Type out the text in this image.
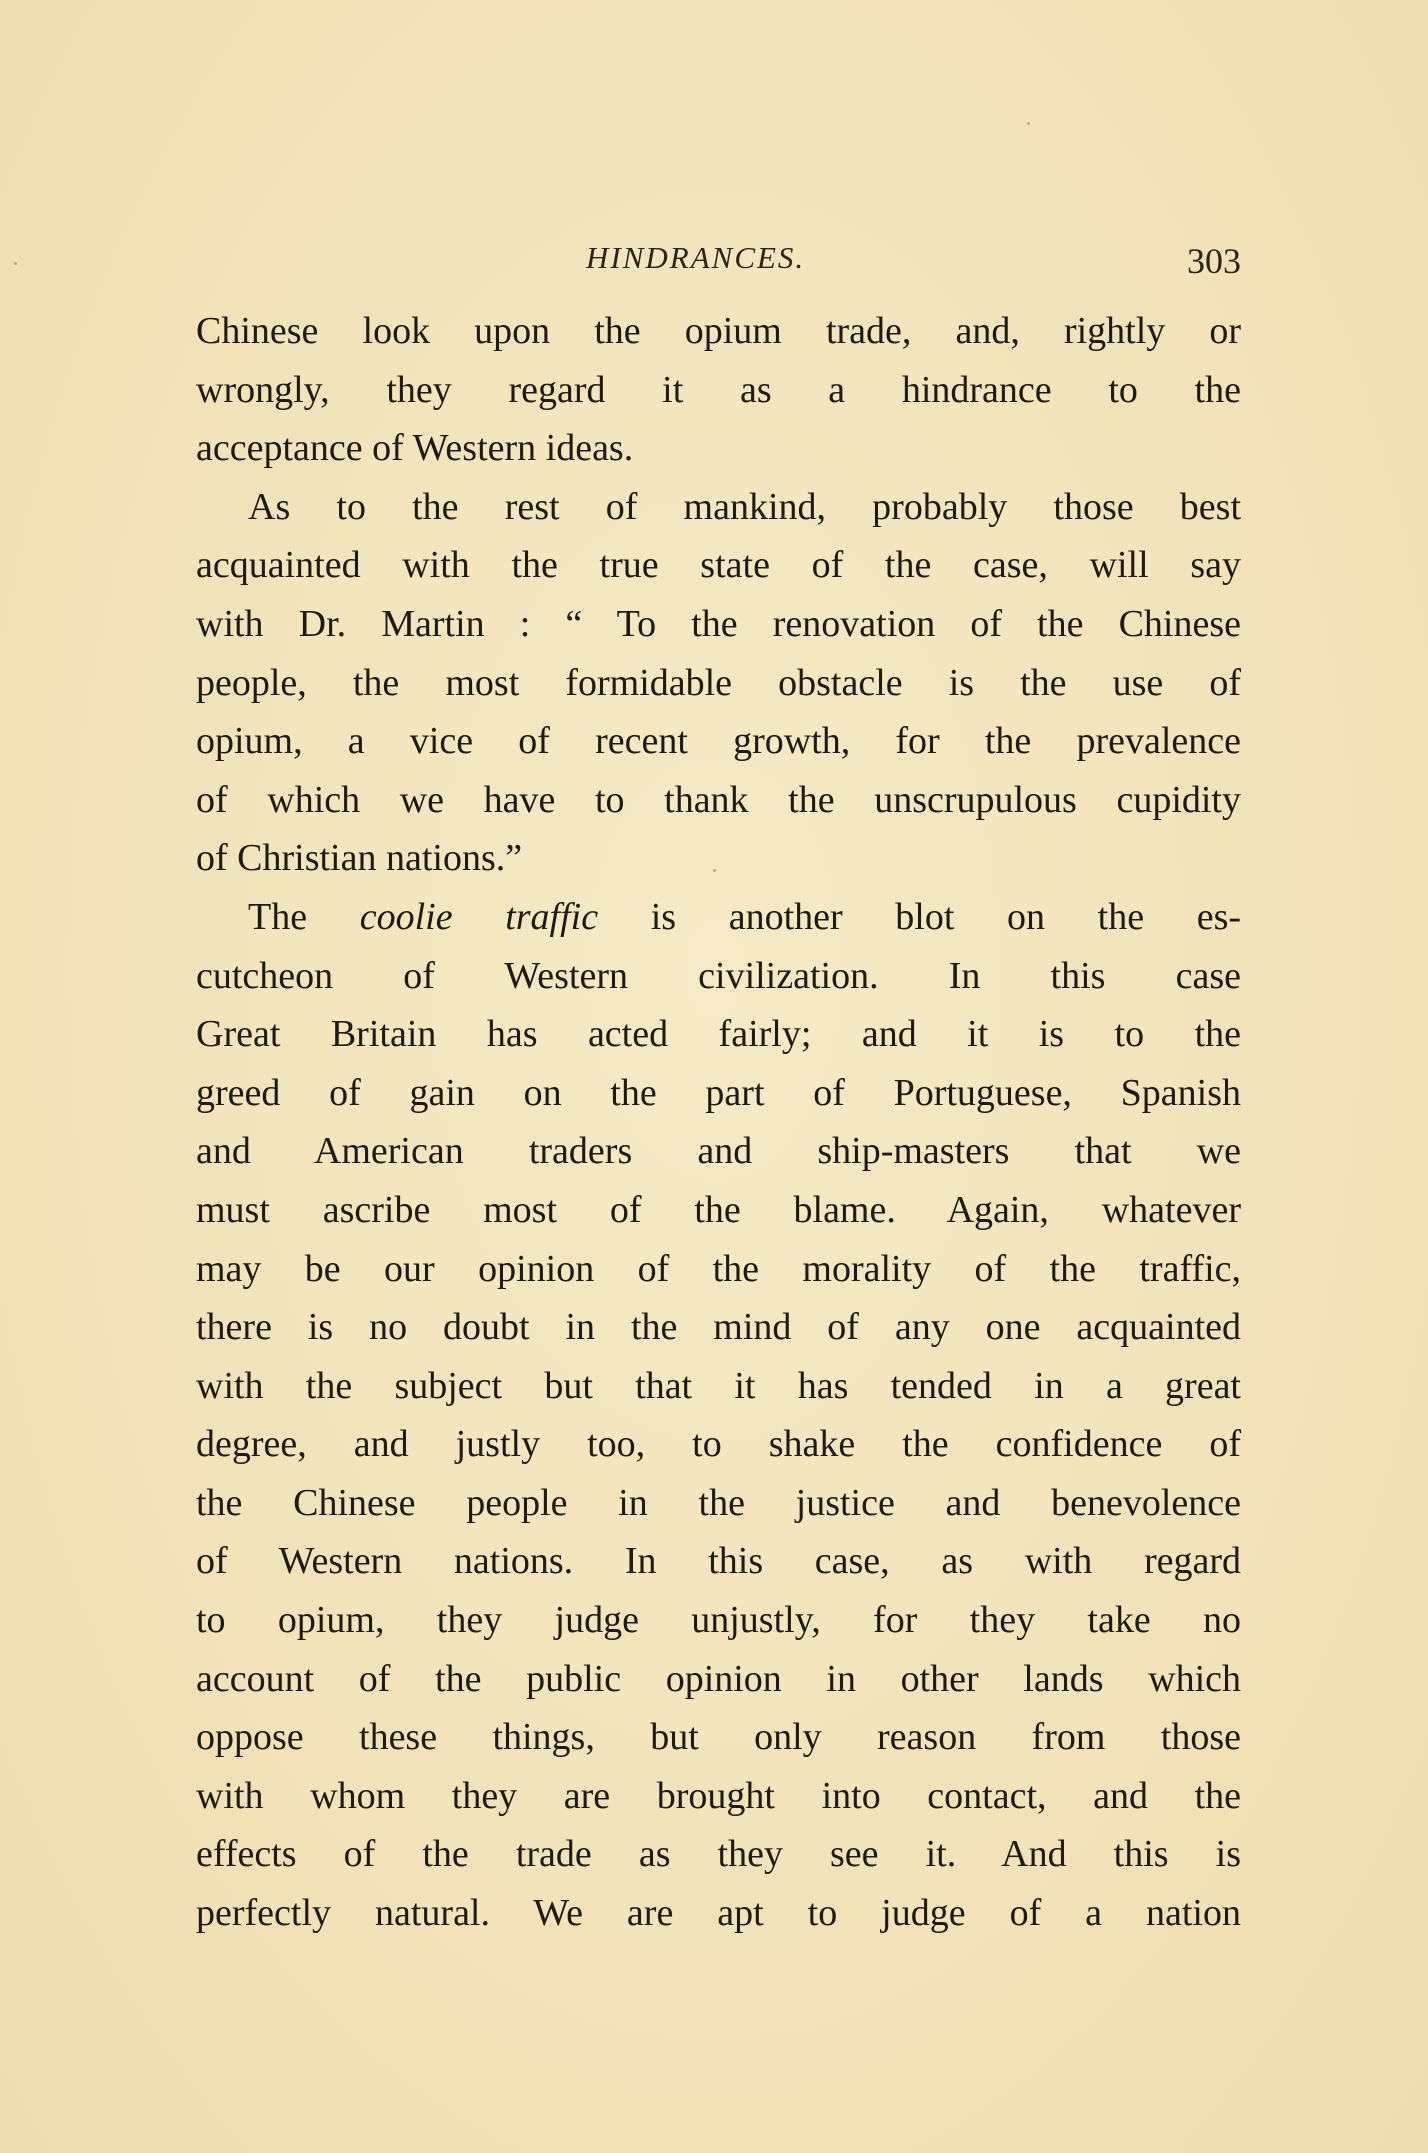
HINDRANCES.	303
Chinese look upon the opium trade, and, rightly or
wrongly, they regard it as a hindrance to the
acceptance of Western ideas.
As to the rest of mankind, probably those best
acquainted with the true state of the case, will say
with Dr. Martin : “ To the renovation of the Chinese
people, the most formidable obstacle is the use of
opium, a vice of recent growth, for the prevalence
of which we have to thank the unscrupulous cupidity
of Christian nations.”
The coolie traffic is another blot on the es-
cutcheon of Western civilization. In this case
Great Britain has acted fairly; and it is to the
greed of gain on the part of Portuguese, Spanish
and American traders and ship-masters that we
must ascribe most of the blame. Again, whatever
may be our opinion of the morality of the traffic,
there is no doubt in the mind of any one acquainted
with the subject but that it has tended in a great
degree, and justly too, to shake the confidence of
the Chinese people in the justice and benevolence
of Western nations. In this case, as with regard
to opium, they judge unjustly, for they take no
account of the public opinion in other lands which
oppose these things, but only reason from those
with whom they are brought into contact, and the
effects of the trade as they see it. And this is
perfectly natural. We are apt to judge of a nation
